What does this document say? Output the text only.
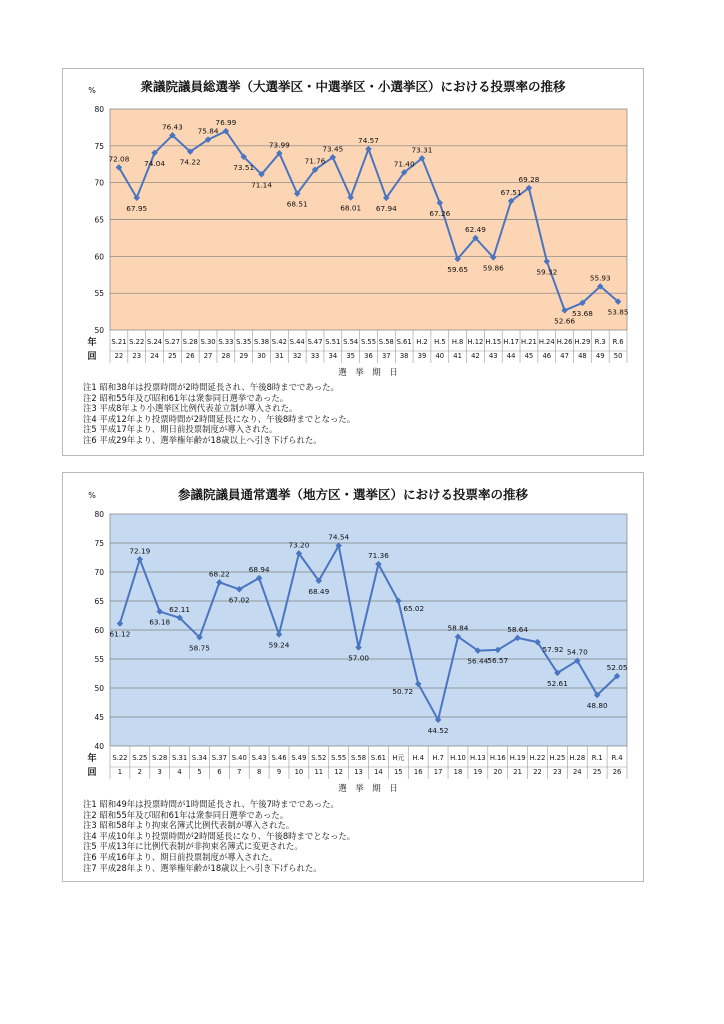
衆議院議員総選挙（大選挙区・中選挙区・小選挙区）における投票率の推移
%
50
55
60
65
70
75
80
S.21
22
S.22
23
S.24
24
S.27
25
S.28
26
S.30
27
S.33
28
S.35
29
S.38
30
S.42
31
S.44
32
S.47
33
S.51
34
S.54
35
S.55
36
S.58
37
S.61
38
H.2
39
H.5
40
H.8
41
H.12
42
H.15
43
H.17
44
H.21
45
H.24
46
H.26
47
H.29
48
R.3
49
R.6
50
年
回
72.08
67.95
74.04
76.43
74.22
75.84
76.99
73.51
71.14
73.99
68.51
71.76
73.45
68.01
74.57
67.94
71.40
73.31
67.26
59.65
62.49
59.86
67.51
69.28
59.32
52.66
53.68
55.93
53.85
選　挙　期　日
注1 昭和38年は投票時間が2時間延長され、午後8時までであった。
注2 昭和55年及び昭和61年は衆参同日選挙であった。
注3 平成8年より小選挙区比例代表並立制が導入された。
注4 平成12年より投票時間が2時間延長になり、午後8時までとなった。
注5 平成17年より、期日前投票制度が導入された。
注6 平成29年より、選挙権年齢が18歳以上へ引き下げられた。
参議院議員通常選挙（地方区・選挙区）における投票率の推移
%
40
45
50
55
60
65
70
75
80
S.22
1
S.25
2
S.28
3
S.31
4
S.34
5
S.37
6
S.40
7
S.43
8
S.46
9
S.49
10
S.52
11
S.55
12
S.58
13
S.61
14
H元
15
H.4
16
H.7
17
H.10
18
H.13
19
H.16
20
H.19
21
H.22
22
H.25
23
H.28
24
R.1
25
R.4
26
年
回
61.12
72.19
63.18
62.11
58.75
68.22
67.02
68.94
59.24
73.20
68.49
74.54
57.00
71.36
65.02
50.72
44.52
58.84
56.44
56.57
58.64
57.92
52.61
54.70
48.80
52.05
選　挙　期　日
注1 昭和49年は投票時間が1時間延長され、午後7時までであった。
注2 昭和55年及び昭和61年は衆参同日選挙であった。
注3 昭和58年より拘束名簿式比例代表制が導入された。
注4 平成10年より投票時間が2時間延長になり、午後8時までとなった。
注5 平成13年に比例代表制が非拘束名簿式に変更された。
注6 平成16年より、期日前投票制度が導入された。
注7 平成28年より、選挙権年齢が18歳以上へ引き下げられた。
